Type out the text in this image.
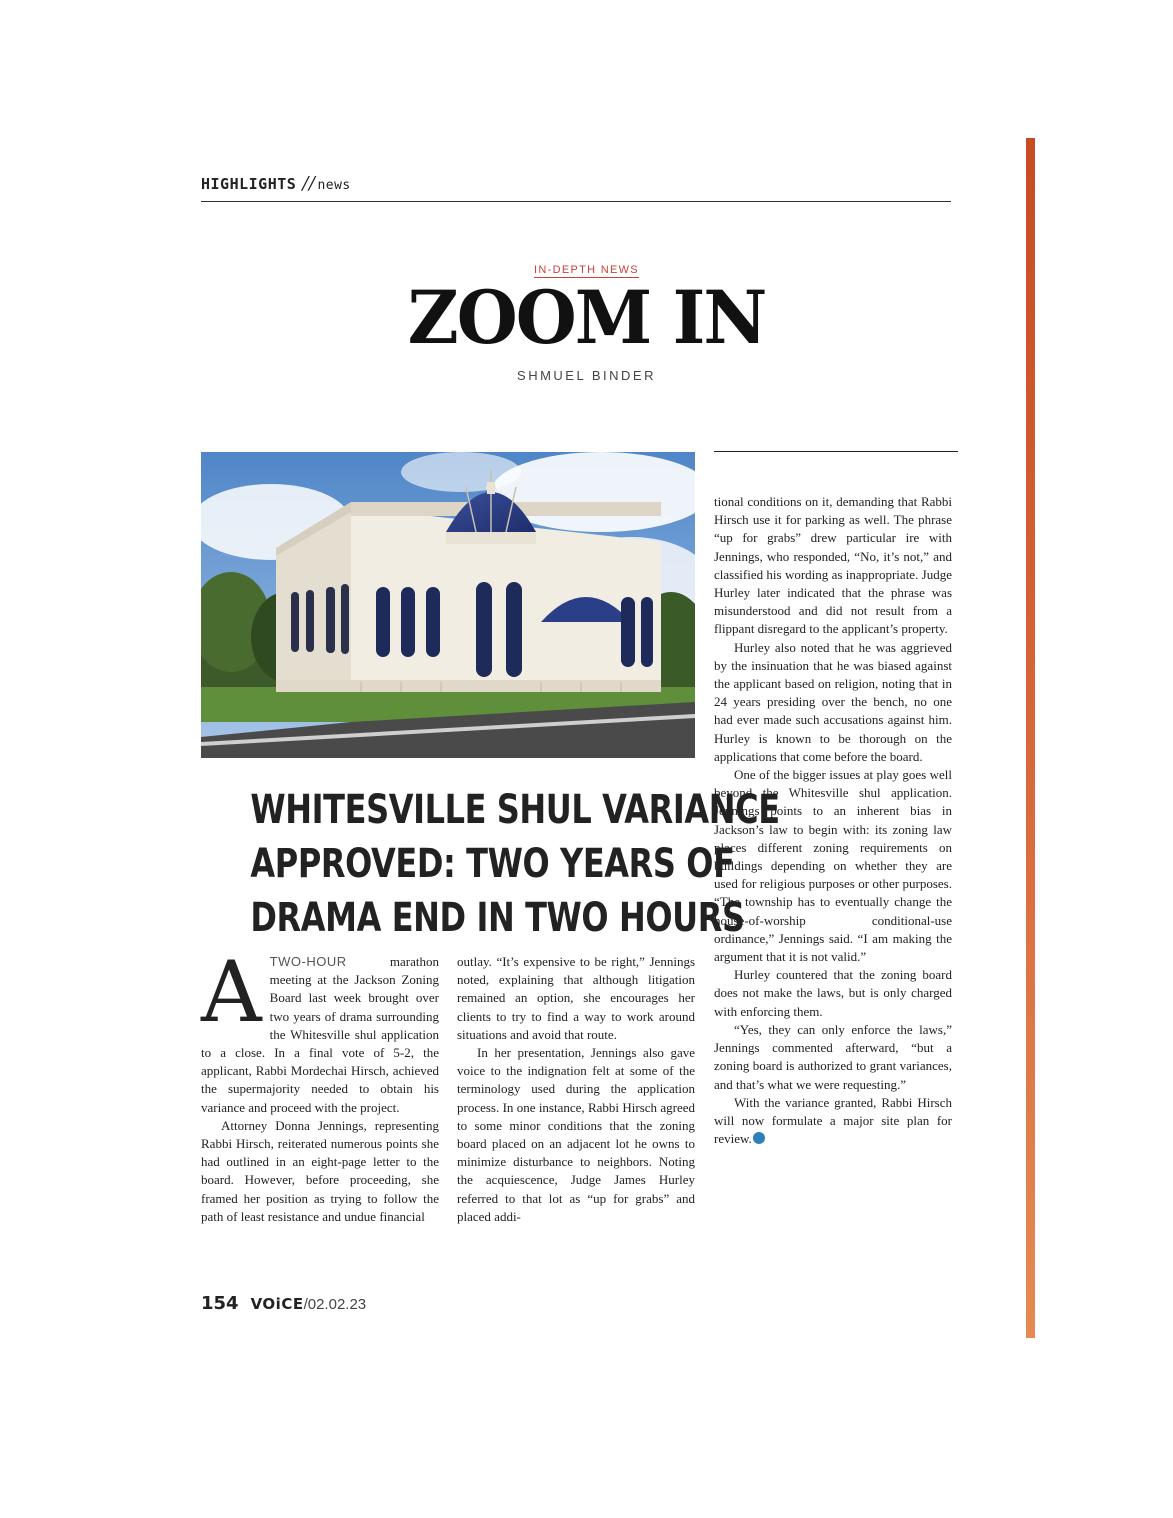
HIGHLIGHTS // news
IN-DEPTH NEWS
ZOOM IN
SHMUEL BINDER
WHITESVILLE SHUL VARIANCE
APPROVED: TWO YEARS OF
DRAMA END IN TWO HOURS

ATWO-HOUR marathon meeting at the Jackson Zoning Board last week brought over two years of drama surrounding the Whitesville shul application to a close. In a final vote of 5-2, the applicant, Rabbi Mordechai Hirsch, achieved the supermajority needed to obtain his variance and proceed with the project.

Attorney Donna Jennings, representing Rabbi Hirsch, reiterated numerous points she had outlined in an eight-page letter to the board. However, before proceeding, she framed her position as trying to follow the path of least resistance and undue financial

outlay. “It’s expensive to be right,” Jennings noted, explaining that although litigation remained an option, she encourages her clients to try to find a way to work around situations and avoid that route.

In her presentation, Jennings also gave voice to the indignation felt at some of the terminology used during the application process. In one instance, Rabbi Hirsch agreed to some minor conditions that the zoning board placed on an adjacent lot he owns to minimize disturbance to neighbors. Noting the acquiescence, Judge James Hurley referred to that lot as “up for grabs” and placed addi-

tional conditions on it, demanding that Rabbi Hirsch use it for parking as well. The phrase “up for grabs” drew particular ire with Jennings, who responded, “No, it’s not,” and classified his wording as inappropriate. Judge Hurley later indicated that the phrase was misunderstood and did not result from a flippant disregard to the applicant’s property.

Hurley also noted that he was aggrieved by the insinuation that he was biased against the applicant based on religion, noting that in 24 years presiding over the bench, no one had ever made such accusations against him. Hurley is known to be thorough on the applications that come before the board.

One of the bigger issues at play goes well beyond the Whitesville shul application. Jennings points to an inherent bias in Jackson’s law to begin with: its zoning law places different zoning requirements on buildings depending on whether they are used for religious purposes or other purposes. “The township has to eventually change the house-of-worship conditional-use ordinance,” Jennings said. “I am making the argument that it is not valid.”

Hurley countered that the zoning board does not make the laws, but is only charged with enforcing them.

“Yes, they can only enforce the laws,” Jennings commented afterward, “but a zoning board is authorized to grant variances, and that’s what we were requesting.”

With the variance granted, Rabbi Hirsch will now formulate a major site plan for review.

154 VOiCE/02.02.23
